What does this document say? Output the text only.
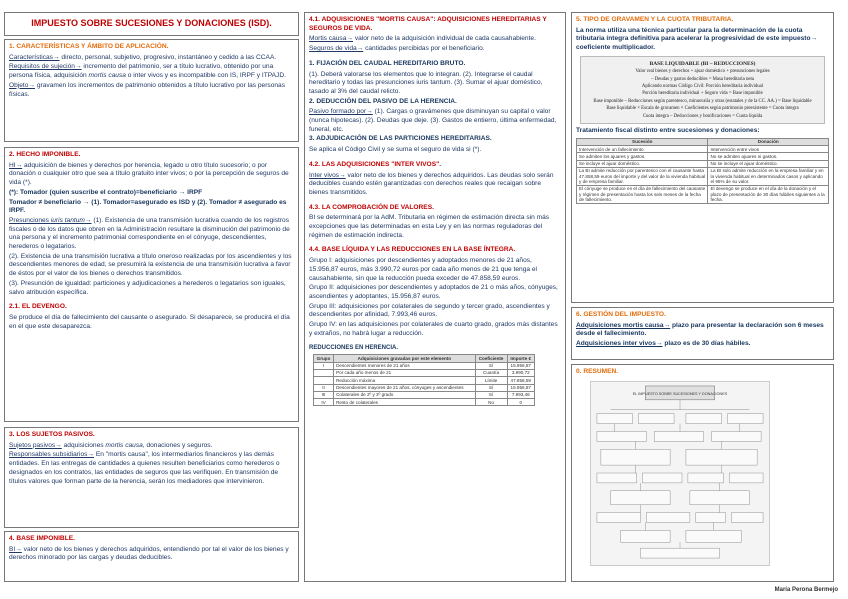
IMPUESTO SOBRE SUCESIONES Y DONACIONES (ISD).
1. CARACTERÍSTICAS Y ÁMBITO DE APLICACIÓN.

Características→ directo, personal, subjetivo, progresivo, instantáneo y cedido a las CCAA.

Requisitos de sujeción→ incremento del patrimonio, ser a título lucrativo, obtenido por una persona física, adquisición mortis causa o inter vivos y es incompatible con IS, IRPF y ITPAJD.

Objeto→ gravamen los incrementos de patrimonio obtenidos a título lucrativo por las personas físicas.

2. HECHO IMPONIBLE.

HI→ adquisición de bienes y derechos por herencia, legado u otro título sucesorio; o por donación o cualquier otro que sea a título gratuito inter vivos; o por la percepción de seguros de vida (*).

(*): Tomador (quien suscribe el contrato)=beneficiario → IRPF

Tomador ≠ beneficiario → (1). Tomador=asegurado es ISD y (2). Tomador ≠ asegurado es IRPF.

Presunciones iuris tantum→ (1). Existencia de una transmisión lucrativa cuando de los registros fiscales o de los datos que obren en la Administración resultare la disminución del patrimonio de una persona y el incremento patrimonial correspondiente en el cónyuge, descendientes, herederos o legatarios.

(2). Existencia de una transmisión lucrativa a título oneroso realizadas por los ascendientes y los descendientes menores de edad, se presumirá la existencia de una transmisión lucrativa a favor de éstos por el valor de los bienes o derechos transmitidos.

(3). Presunción de igualdad: particiones y adjudicaciones a herederos o legatarios son iguales, salvo atribución específica.

2.1. EL DEVENGO.

Se produce el día de fallecimiento del causante o asegurado. Si desaparece, se producirá el día en el que este desaparezca.

3. LOS SUJETOS PASIVOS.

Sujetos pasivos→ adquisiciones mortis causa, donaciones y seguros.

Responsables subsidiarios→ En "mortis causa", los intermediarios financieros y las demás entidades. En las entregas de cantidades a quienes resulten beneficiarios como herederos o designados en los contratos, las entidades de seguros que las verifiquen. En transmisión de títulos valores que forman parte de la herencia, serán los mediadores que intervinieron.

4. BASE IMPONIBLE.

BI→ valor neto de los bienes y derechos adquiridos, entendiendo por tal el valor de los bienes y derechos minorado por las cargas y deudas deducibles.

4.1. ADQUISICIONES "MORTIS CAUSA": ADQUISICIONES HEREDITARIAS Y SEGUROS DE VIDA.

Mortis causa→ valor neto de la adquisición individual de cada causahabiente.

Seguros de vida→ cantidades percibidas por el beneficiario.

1. FIJACIÓN DEL CAUDAL HEREDITARIO BRUTO.

(1). Deberá valorarse los elementos que lo integran. (2). Integrarse el caudal hereditario y todas las presunciones iuris tantum. (3). Sumar el ajuar doméstico, tasado al 3% del caudal relicto.

2. DEDUCCIÓN DEL PASIVO DE LA HERENCIA.

Pasivo formado por→ (1). Cargas o gravámenes que disminuyan su capital o valor (nunca hipotecas). (2). Deudas que deje. (3). Gastos de entierro, última enfermedad, funeral, etc.

3. ADJUDICACIÓN DE LAS PARTICIONES HEREDITARIAS.

Se aplica el Código Civil y se suma el seguro de vida si (*).

4.2. LAS ADQUISICIONES "INTER VIVOS".

Inter vivos→ valor neto de los bienes y derechos adquiridos. Las deudas solo serán deducibles cuando estén garantizadas con derechos reales que recaigan sobre bienes transmitidos.

4.3. LA COMPROBACIÓN DE VALORES.

BI se determinará por la AdM. Tributaria en régimen de estimación directa sin más excepciones que las determinadas en esta Ley y en las normas reguladoras del régimen de estimación indirecta.

4.4. BASE LÍQUIDA Y LAS REDUCCIONES EN LA BASE ÍNTEGRA.

Grupo I: adquisiciones por descendientes y adoptados menores de 21 años, 15.956,87 euros, más 3.990,72 euros por cada año menos de 21 que tenga el causahabiente, sin que la reducción pueda exceder de 47.858,59 euros.

Grupo II: adquisiciones por descendientes y adoptados de 21 o más años, cónyuges, ascendientes y adoptantes, 15.956,87 euros.

Grupo III: adquisiciones por colaterales de segundo y tercer grado, ascendientes y descendientes por afinidad, 7.993,46 euros.

Grupo IV: en las adquisiciones por colaterales de cuarto grado, grados más distantes y extraños, no habrá lugar a reducción.

REDUCCIONES EN HERENCIA.
Grupo	Adquisiciones gravadas por este elemento	Coeficiente	Importe €
I	Descendientes menores de 21 años	Sí	15.956,87
	Por cada año menos de 21	Cuantía	3.990,72
	Reducción máxima	Límite	47.858,59
II	Descendientes mayores de 21 años, cónyuges y ascendientes	Sí	15.956,87
III	Colaterales de 2º y 3º grado	Sí	7.993,46
IV	Resto de colaterales	No	0
5. TIPO DE GRAVAMEN Y LA CUOTA TRIBUTARIA.

La norma utiliza una técnica particular para la determinación de la cuota tributaria íntegra definitiva para acelerar la progresividad de este impuesto→ coeficiente multiplicador.

BASE LIQUIDABLE (BI – REDUCCIONES)
Valor real bienes y derechos + ajuar doméstico + presunciones legales
– Deudas y gastos deducibles = Masa hereditaria neta
Aplicando normas Código Civil: Porción hereditaria individual
Porción hereditaria individual + Seguro vida = Base imponible
Base imponible – Reducciones según parentesco, minusvalía y otras (estatales y de la CC. AA.) = Base liquidable
Base liquidable × Escala de gravamen × Coeficientes según patrimonio preexistente = Cuota íntegra
Cuota íntegra – Deducciones y bonificaciones = Cuota líquida
Tratamiento fiscal distinto entre sucesiones y donaciones:
Sucesión	Donación
Intervención de un fallecimiento	Intervención entre vivos
Se admiten los ajuares y gastos.	No se admiten ajuares ni gastos.
Se incluye el ajuar doméstico.	No se incluye el ajuar doméstico.
La BI admite reducción por parentesco con el causante hasta 47.858,59 euros del importe y del valor de la vivienda habitual y de empresa familiar.	La BI solo admite reducción en la empresa familiar y en la vivienda habitual en determinados casos y aplicando el 95% de su valor.
El cónyuge se produce en el día de fallecimiento del causante y régimen de presentación hasta los seis meses de la fecha de fallecimiento.	El devengo se produce en el día de la donación y el plazo de presentación de 30 días hábiles siguientes a la fecha.
6. GESTIÓN DEL IMPUESTO.

Adquisiciones mortis causa→ plazo para presentar la declaración son 6 meses desde el fallecimiento.

Adquisiciones inter vivos→ plazo es de 30 días hábiles.

0. RESUMEN.
EL IMPUESTO SOBRE SUCESIONES Y DONACIONES
María Perona Bermejo
